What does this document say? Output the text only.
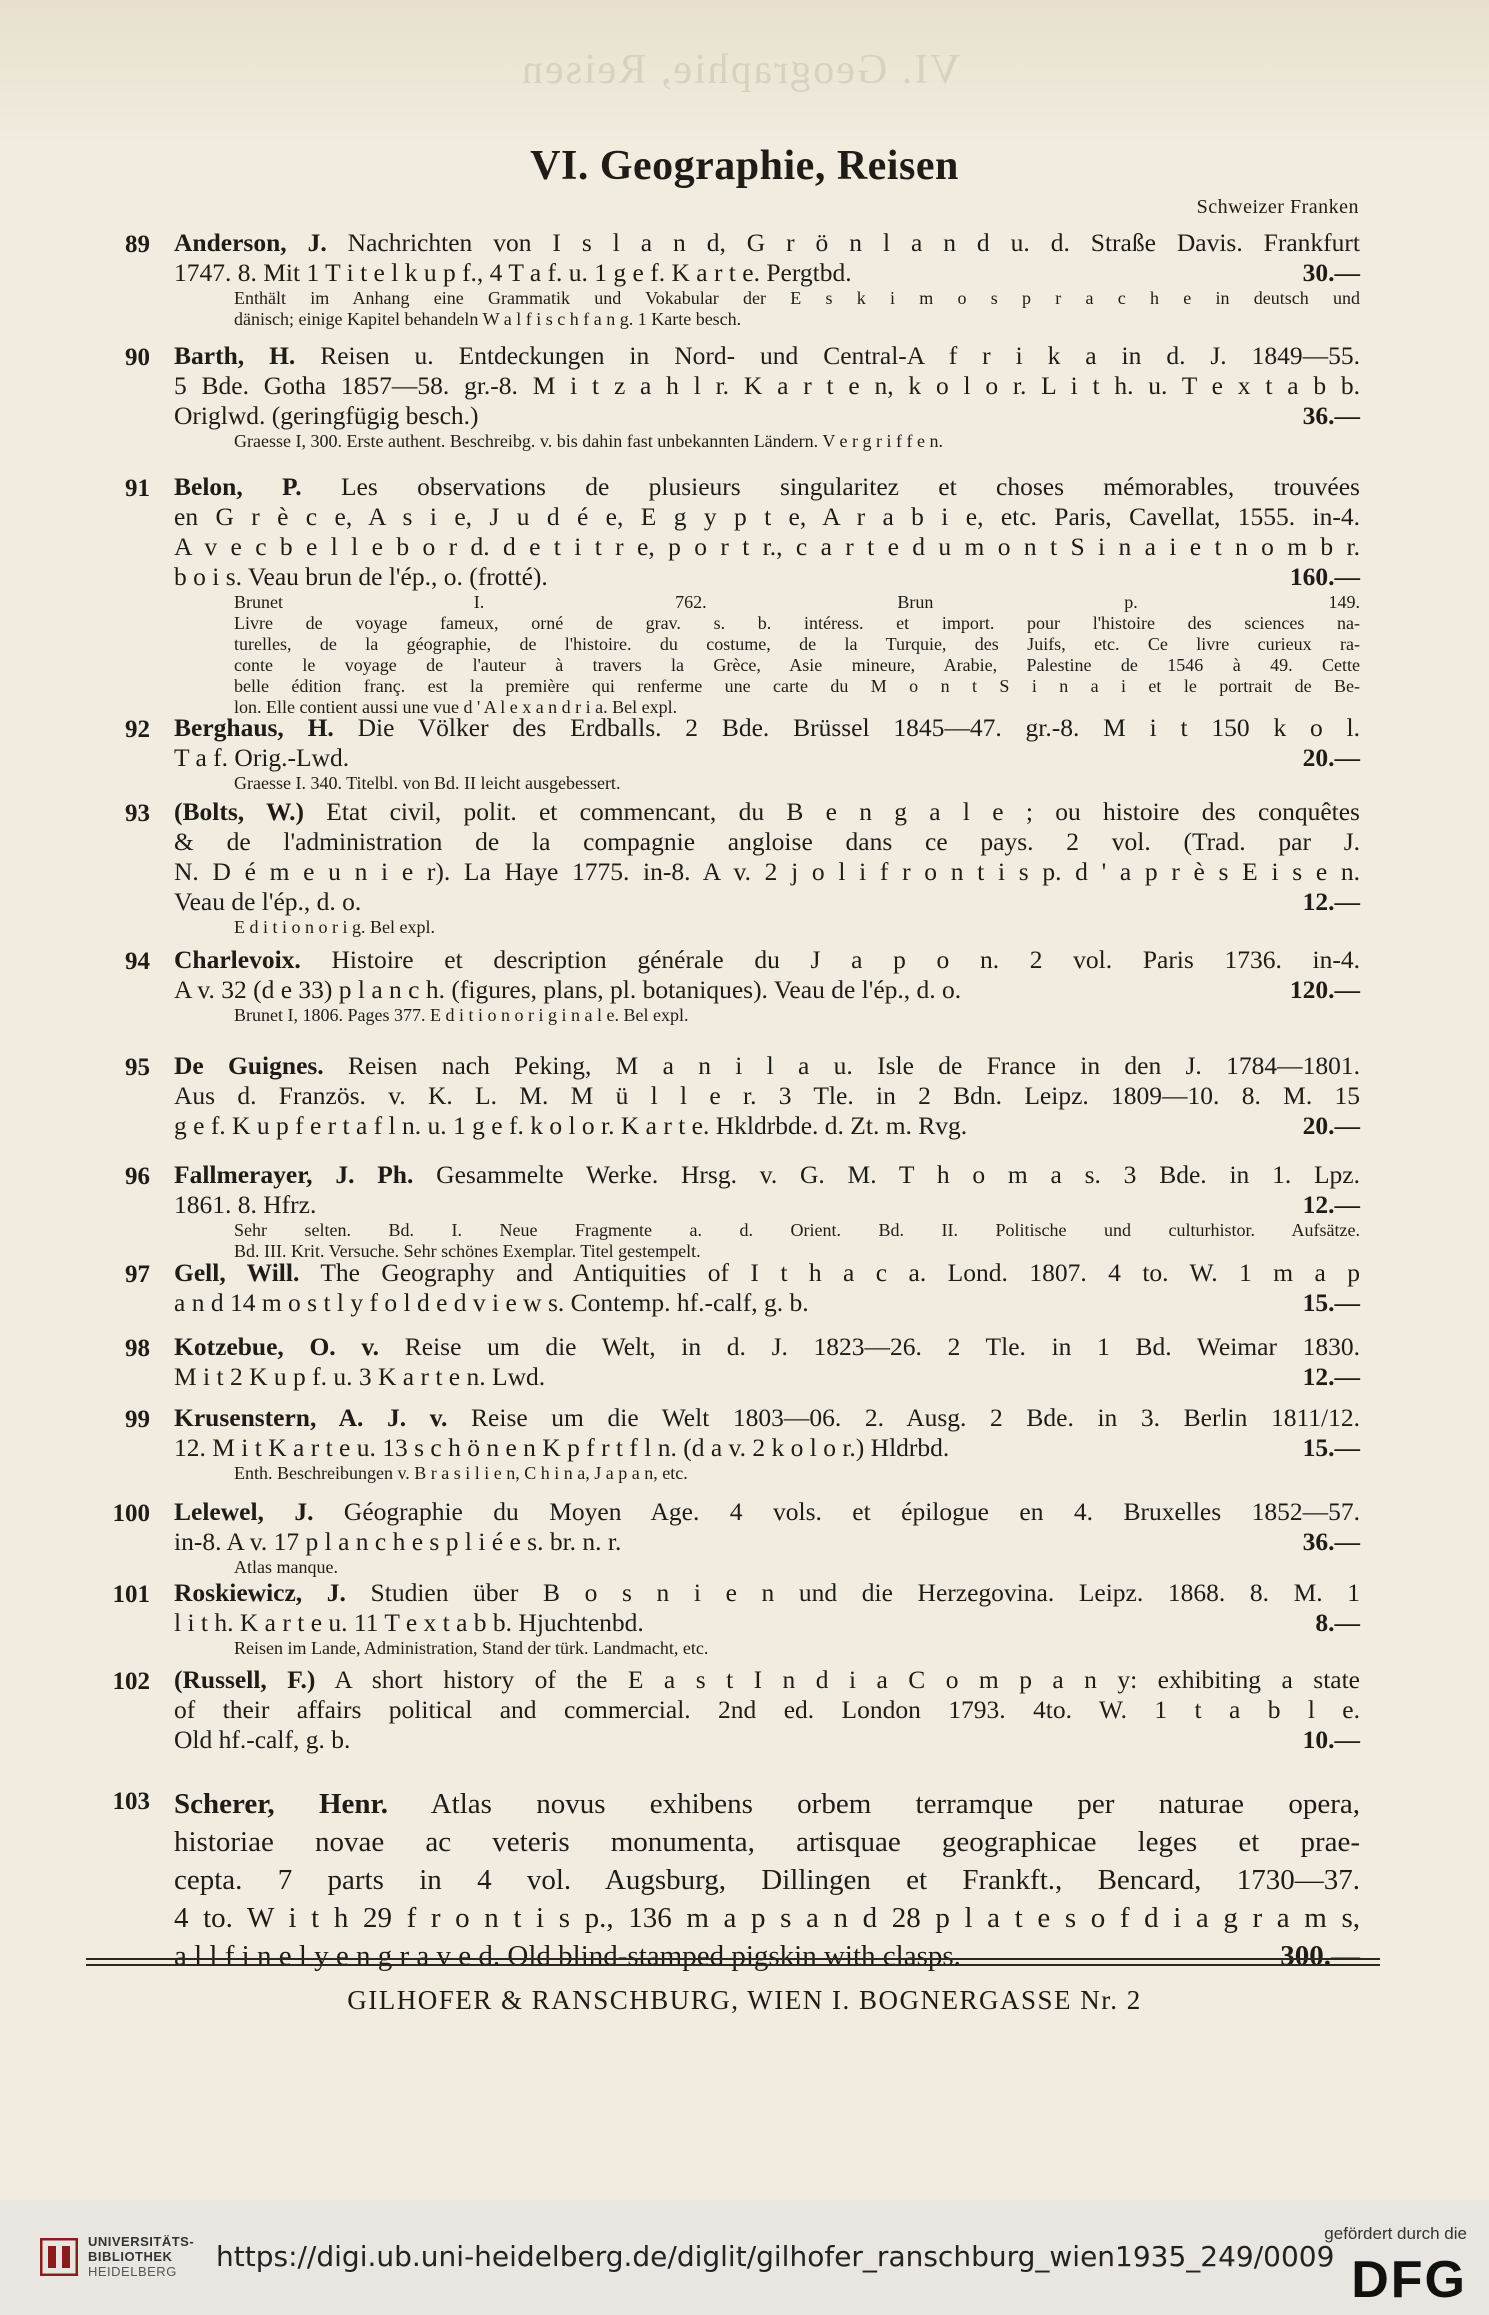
VI. Geographie, Reisen
VI. Geographie, Reisen
Schweizer Franken
89 Anderson, J. Nachrichten von I s l a n d, G r ö n l a n d u. d. Straße Davis. Frankfurt
1747. 8. Mit 1 T i t e l k u p f., 4 T a f. u. 1 g e f. K a r t e. Pergtbd.	30.—
Enthält im Anhang eine Grammatik und Vokabular der E s k i m o s p r a c h e in deutsch und
dänisch; einige Kapitel behandeln W a l f i s c h f a n g. 1 Karte besch.
90 Barth, H. Reisen u. Entdeckungen in Nord- und Central-A f r i k a in d. J. 1849—55.
5 Bde. Gotha 1857—58. gr.-8. M i t z a h l r. K a r t e n, k o l o r. L i t h. u. T e x t a b b.
Origlwd. (geringfügig besch.)	36.—
Graesse I, 300. Erste authent. Beschreibg. v. bis dahin fast unbekannten Ländern. V e r g r i f f e n.
91 Belon, P. Les observations de plusieurs singularitez et choses mémorables, trouvées
en G r è c e, A s i e, J u d é e, E g y p t e, A r a b i e, etc. Paris, Cavellat, 1555. in-4.
A v e c b e l l e b o r d. d e t i t r e, p o r t r., c a r t e d u m o n t S i n a i e t n o m b r.
b o i s. Veau brun de l'ép., o. (frotté).	160.—
Brunet I. 762. Brun p. 149.
Livre de voyage fameux, orné de grav. s. b. intéress. et import. pour l'histoire des sciences na-
turelles, de la géographie, de l'histoire. du costume, de la Turquie, des Juifs, etc. Ce livre curieux ra-
conte le voyage de l'auteur à travers la Grèce, Asie mineure, Arabie, Palestine de 1546 à 49. Cette
belle édition franç. est la première qui renferme une carte du M o n t S i n a i et le portrait de Be-
lon. Elle contient aussi une vue d ' A l e x a n d r i a. Bel expl.
92 Berghaus, H. Die Völker des Erdballs. 2 Bde. Brüssel 1845—47. gr.-8. M i t 150 k o l.
T a f. Orig.-Lwd.	20.—
Graesse I. 340. Titelbl. von Bd. II leicht ausgebessert.
93 (Bolts, W.) Etat civil, polit. et commencant, du B e n g a l e ; ou histoire des conquêtes
& de l'administration de la compagnie angloise dans ce pays. 2 vol. (Trad. par J.
N. D é m e u n i e r). La Haye 1775. in-8. A v. 2 j o l i f r o n t i s p. d ' a p r è s E i s e n.
Veau de l'ép., d. o.	12.—
E d i t i o n o r i g. Bel expl.
94 Charlevoix. Histoire et description générale du J a p o n. 2 vol. Paris 1736. in-4.
A v. 32 (d e 33) p l a n c h. (figures, plans, pl. botaniques). Veau de l'ép., d. o.	120.—
Brunet I, 1806. Pages 377. E d i t i o n o r i g i n a l e. Bel expl.
95 De Guignes. Reisen nach Peking, M a n i l a u. Isle de France in den J. 1784—1801.
Aus d. Französ. v. K. L. M. M ü l l e r. 3 Tle. in 2 Bdn. Leipz. 1809—10. 8. M. 15
g e f. K u p f e r t a f l n. u. 1 g e f. k o l o r. K a r t e. Hkldrbde. d. Zt. m. Rvg.	20.—
96 Fallmerayer, J. Ph. Gesammelte Werke. Hrsg. v. G. M. T h o m a s. 3 Bde. in 1. Lpz.
1861. 8. Hfrz.	12.—
Sehr selten. Bd. I. Neue Fragmente a. d. Orient. Bd. II. Politische und culturhistor. Aufsätze.
Bd. III. Krit. Versuche. Sehr schönes Exemplar. Titel gestempelt.
97 Gell, Will. The Geography and Antiquities of I t h a c a. Lond. 1807. 4 to. W. 1 m a p
a n d 14 m o s t l y f o l d e d v i e w s. Contemp. hf.-calf, g. b.	15.—
98 Kotzebue, O. v. Reise um die Welt, in d. J. 1823—26. 2 Tle. in 1 Bd. Weimar 1830.
M i t 2 K u p f. u. 3 K a r t e n. Lwd.	12.—
99 Krusenstern, A. J. v. Reise um die Welt 1803—06. 2. Ausg. 2 Bde. in 3. Berlin 1811/12.
12. M i t K a r t e u. 13 s c h ö n e n K p f r t f l n. (d a v. 2 k o l o r.) Hldrbd.	15.—
Enth. Beschreibungen v. B r a s i l i e n, C h i n a, J a p a n, etc.
100 Lelewel, J. Géographie du Moyen Age. 4 vols. et épilogue en 4. Bruxelles 1852—57.
in-8. A v. 17 p l a n c h e s p l i é e s. br. n. r.	36.—
Atlas manque.
101 Roskiewicz, J. Studien über B o s n i e n und die Herzegovina. Leipz. 1868. 8. M. 1
l i t h. K a r t e u. 11 T e x t a b b. Hjuchtenbd.	8.—
Reisen im Lande, Administration, Stand der türk. Landmacht, etc.
102 (Russell, F.) A short history of the E a s t I n d i a C o m p a n y: exhibiting a state
of their affairs political and commercial. 2nd ed. London 1793. 4to. W. 1 t a b l e.
Old hf.-calf, g. b.	10.—
103 Scherer, Henr. Atlas novus exhibens orbem terramque per naturae opera,
historiae novae ac veteris monumenta, artisquae geographicae leges et prae-
cepta. 7 parts in 4 vol. Augsburg, Dillingen et Frankft., Bencard, 1730—37.
4 to. W i t h 29 f r o n t i s p., 136 m a p s a n d 28 p l a t e s o f d i a g r a m s,
a l l f i n e l y e n g r a v e d. Old blind-stamped pigskin with clasps.	300.—
GILHOFER & RANSCHBURG, WIEN I. BOGNERGASSE Nr. 2
UNIVERSITÄTS-
BIBLIOTHEK
HEIDELBERG	https://digi.ub.uni-heidelberg.de/diglit/gilhofer_ranschburg_wien1935_249/0009
gefördert durch die
DFG
